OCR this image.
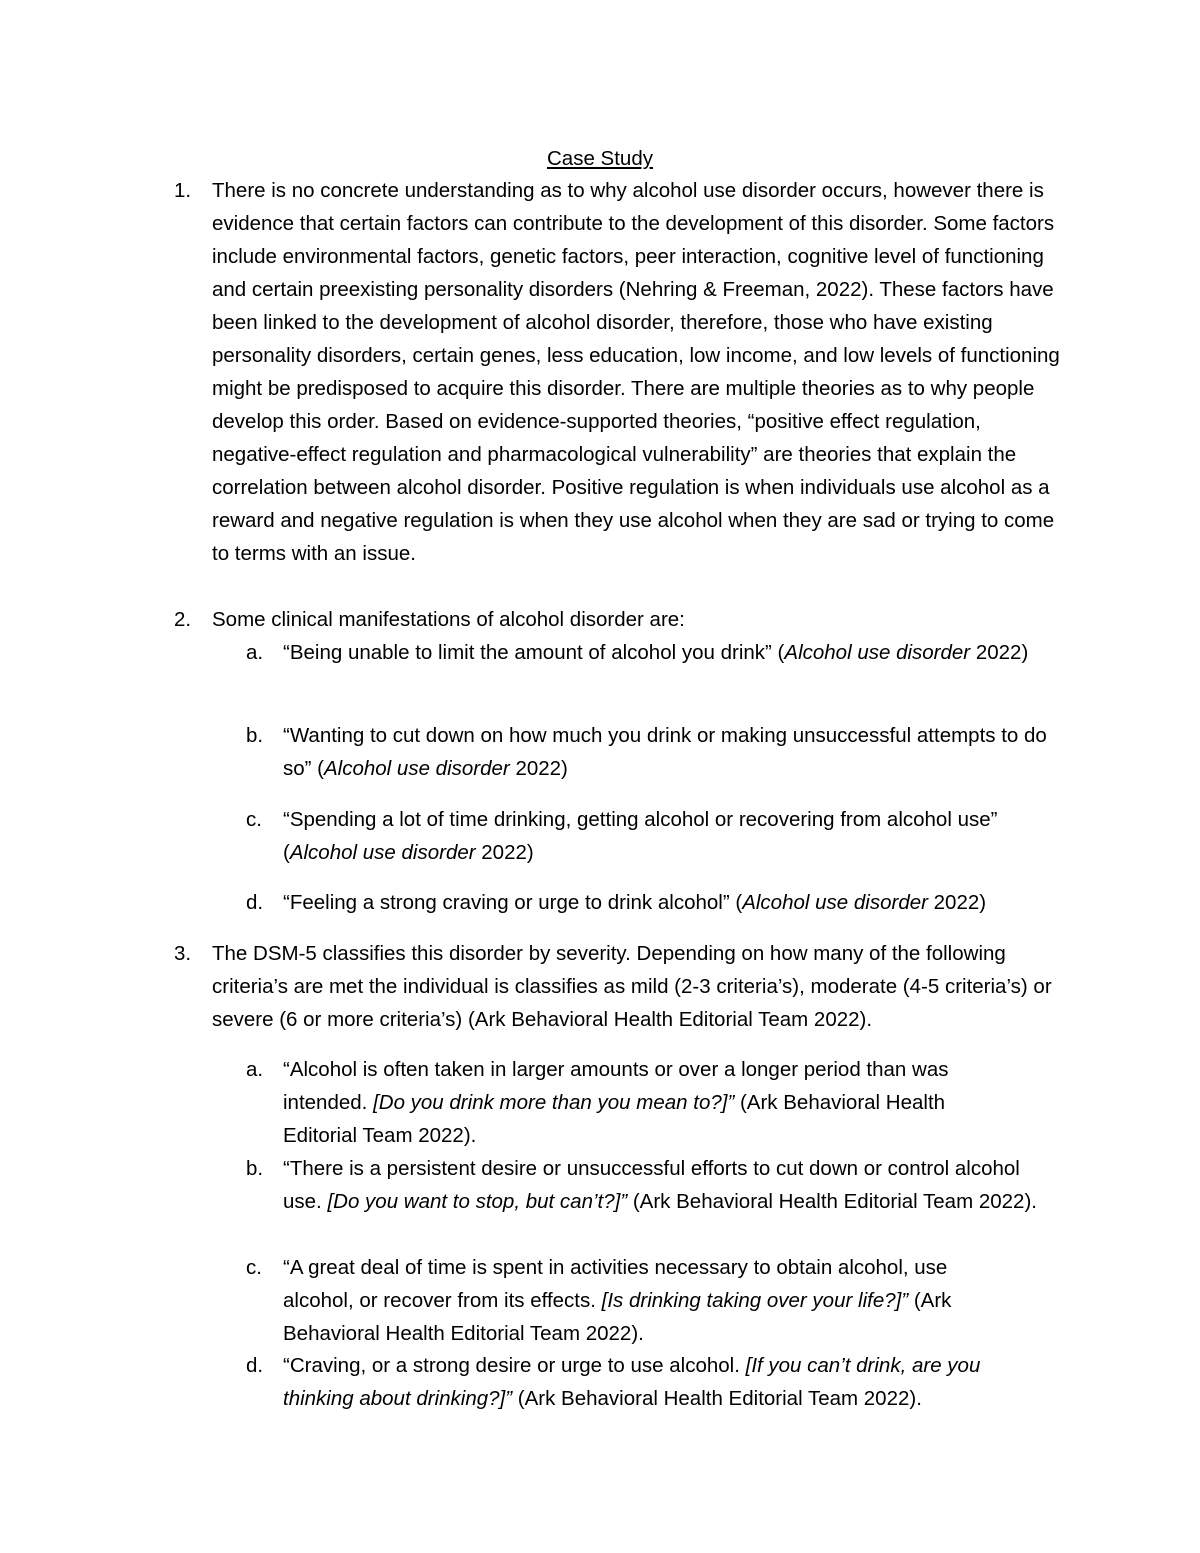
Case Study
1. There is no concrete understanding as to why alcohol use disorder occurs, however there is evidence that certain factors can contribute to the development of this disorder. Some factors include environmental factors, genetic factors, peer interaction, cognitive level of functioning and certain preexisting personality disorders (Nehring & Freeman, 2022). These factors have been linked to the development of alcohol disorder, therefore, those who have existing personality disorders, certain genes, less education, low income, and low levels of functioning might be predisposed to acquire this disorder. There are multiple theories as to why people develop this order. Based on evidence-supported theories, “positive effect regulation, negative-effect regulation and pharmacological vulnerability” are theories that explain the correlation between alcohol disorder. Positive regulation is when individuals use alcohol as a reward and negative regulation is when they use alcohol when they are sad or trying to come to terms with an issue.
2. Some clinical manifestations of alcohol disorder are:
a. “Being unable to limit the amount of alcohol you drink” (Alcohol use disorder 2022)
b. “Wanting to cut down on how much you drink or making unsuccessful attempts to do so” (Alcohol use disorder 2022)
c. “Spending a lot of time drinking, getting alcohol or recovering from alcohol use” (Alcohol use disorder 2022)
d. “Feeling a strong craving or urge to drink alcohol” (Alcohol use disorder 2022)
3. The DSM-5 classifies this disorder by severity. Depending on how many of the following criteria’s are met the individual is classifies as mild (2-3 criteria’s), moderate (4-5 criteria’s) or severe (6 or more criteria’s) (Ark Behavioral Health Editorial Team 2022).
a. “Alcohol is often taken in larger amounts or over a longer period than was intended. [Do you drink more than you mean to?]” (Ark Behavioral Health Editorial Team 2022).
b. “There is a persistent desire or unsuccessful efforts to cut down or control alcohol use. [Do you want to stop, but can’t?]” (Ark Behavioral Health Editorial Team 2022).
c. “A great deal of time is spent in activities necessary to obtain alcohol, use alcohol, or recover from its effects. [Is drinking taking over your life?]” (Ark Behavioral Health Editorial Team 2022).
d. “Craving, or a strong desire or urge to use alcohol. [If you can’t drink, are you thinking about drinking?]” (Ark Behavioral Health Editorial Team 2022).
